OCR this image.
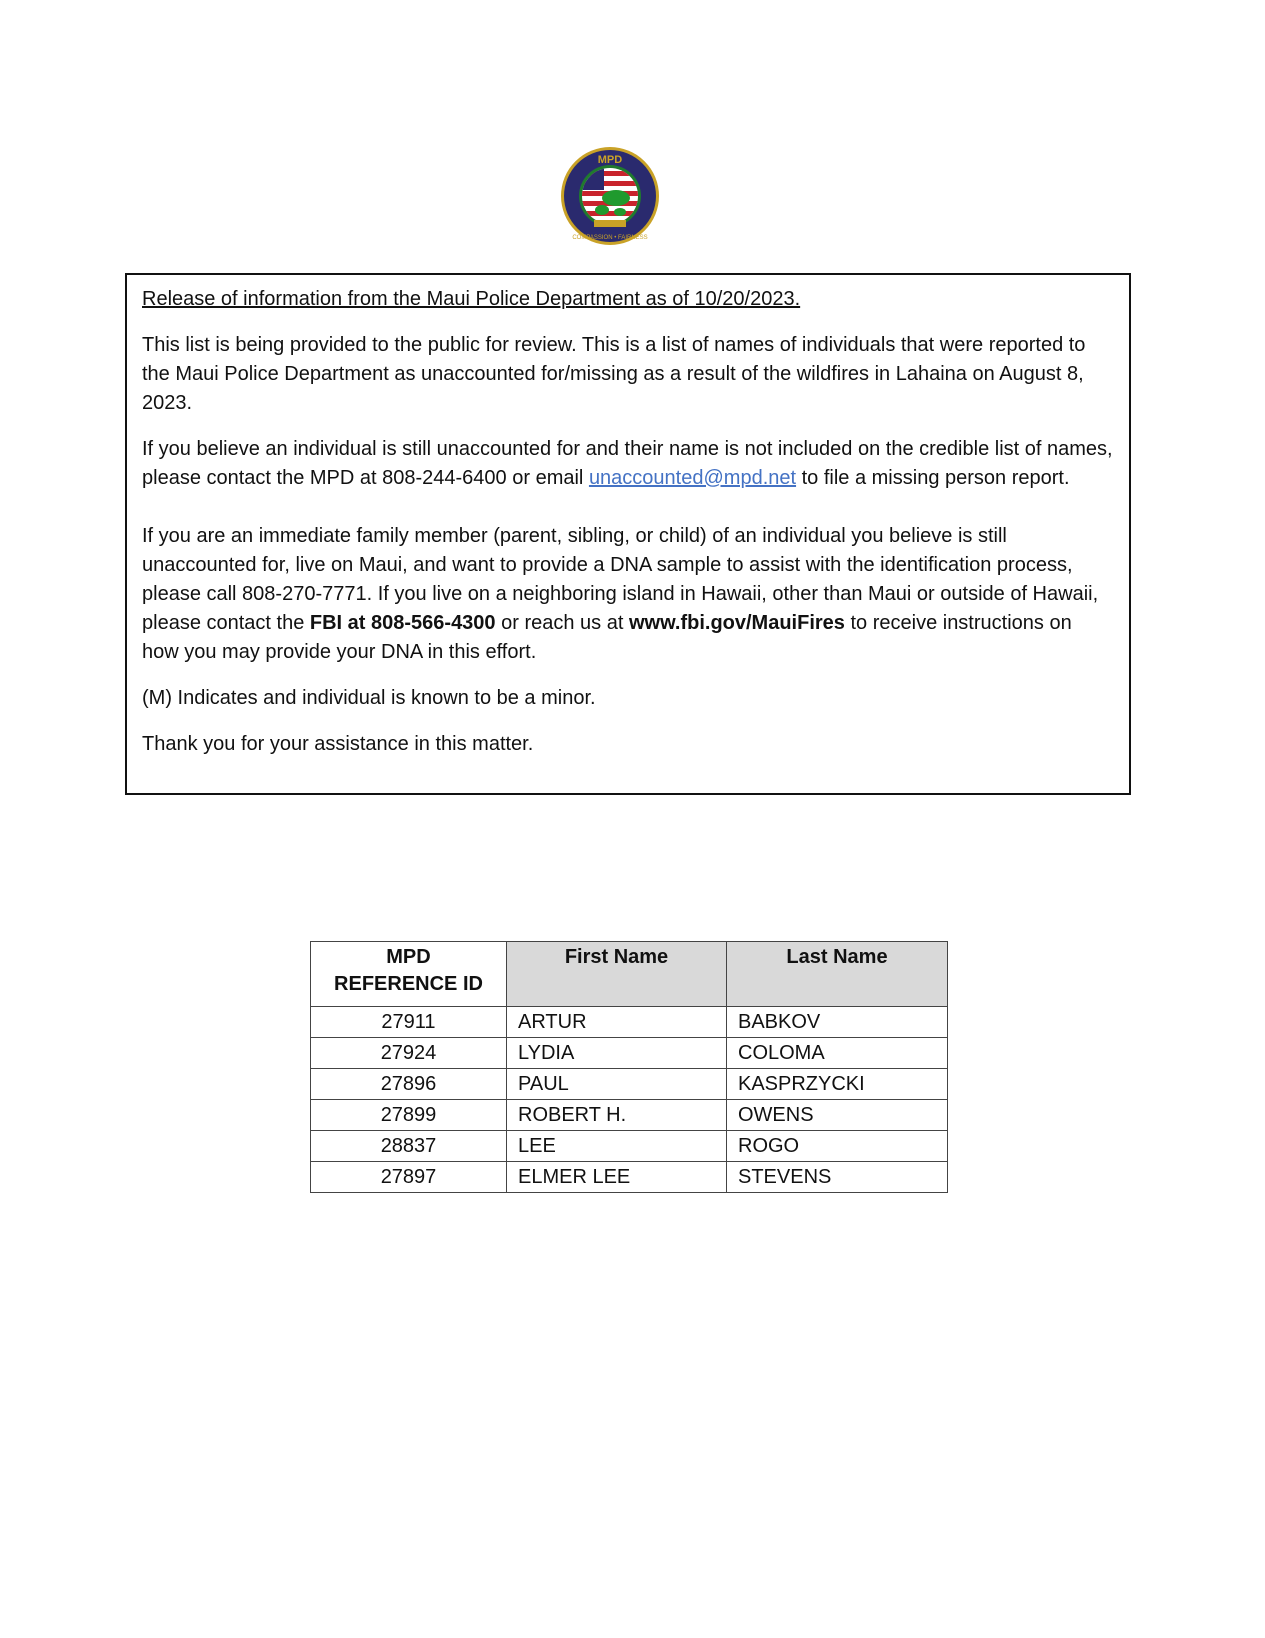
MPD
COMPASSION • FAIRNESS

Release of information from the Maui Police Department as of 10/20/2023.

This list is being provided to the public for review. This is a list of names of individuals that were reported to the Maui Police Department as unaccounted for/missing as a result of the wildfires in Lahaina on August 8, 2023.

If you believe an individual is still unaccounted for and their name is not included on the credible list of names, please contact the MPD at 808-244-6400 or email unaccounted@mpd.net to file a missing person report.

If you are an immediate family member (parent, sibling, or child) of an individual you believe is still unaccounted for, live on Maui, and want to provide a DNA sample to assist with the identification process, please call 808-270-7771. If you live on a neighboring island in Hawaii, other than Maui or outside of Hawaii, please contact the FBI at 808-566-4300 or reach us at www.fbi.gov/MauiFires to receive instructions on how you may provide your DNA in this effort.

(M) Indicates and individual is known to be a minor.

Thank you for your assistance in this matter.

MPD REFERENCE ID	First Name	Last Name
27911	ARTUR	BABKOV
27924	LYDIA	COLOMA
27896	PAUL	KASPRZYCKI
27899	ROBERT H.	OWENS
28837	LEE	ROGO
27897	ELMER LEE	STEVENS
